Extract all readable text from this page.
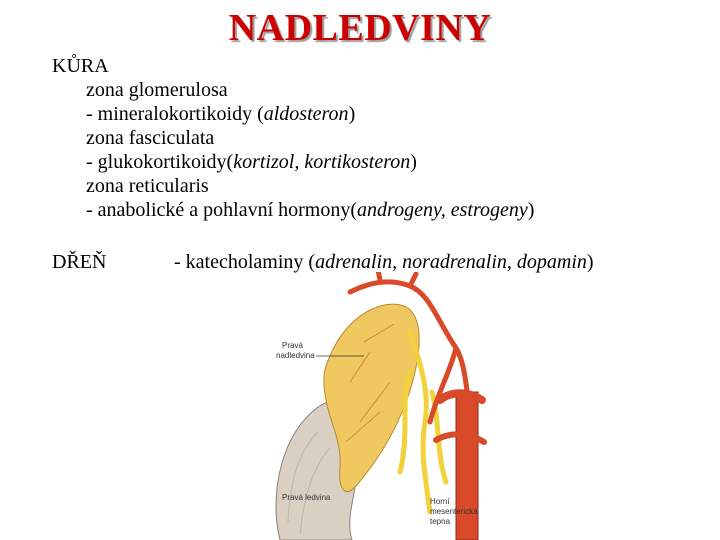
NADLEDVINY
KŮRA
zona glomerulosa
- mineralokortikoidy (aldosteron)
zona fasciculata
- glukokortikoidy(kortizol, kortikosteron)
zona reticularis
- anabolické a pohlavní hormony(androgeny, estrogeny)
DŘEŇ	- katecholaminy (adrenalin, noradrenalin, dopamin)
Pravá
nadledvina
Pravá ledvina	Horní
mesenterická
tepna
